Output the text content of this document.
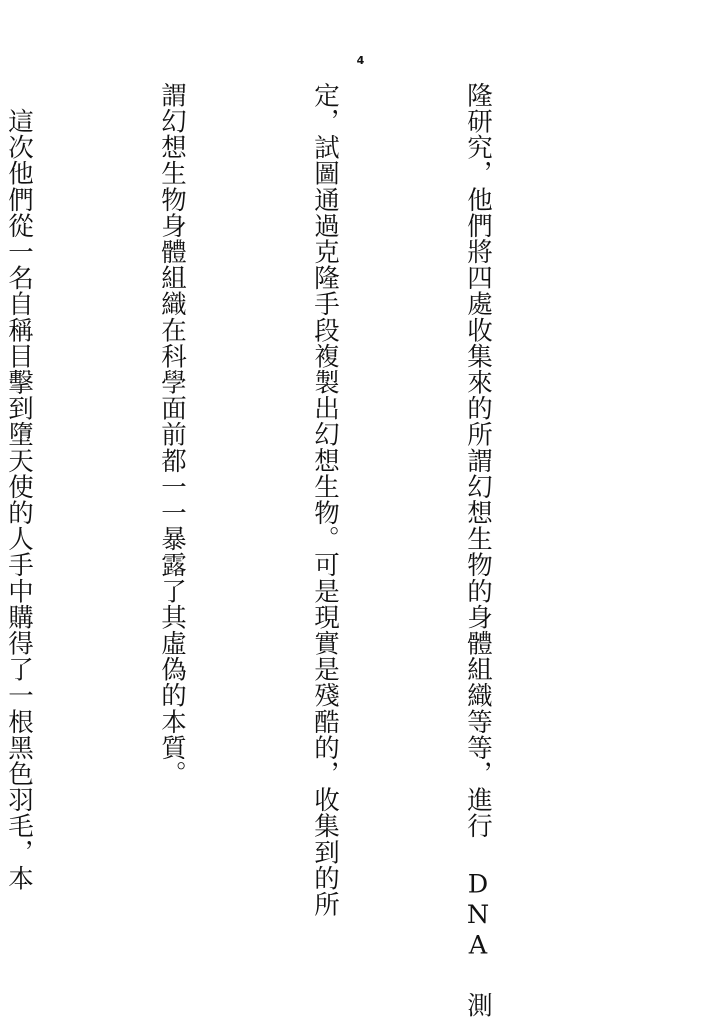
4

隆研究，他們將四處收集來的所謂幻想生物的身體組織等等，進行 DNA 測

定，試圖通過克隆手段複製出幻想生物。可是現實是殘酷的，收集到的所

謂幻想生物身體組織在科學面前都一一暴露了其虛偽的本質。

　這次他們從一名自稱目擊到墮天使的人手中購得了一根黑色羽毛，本
